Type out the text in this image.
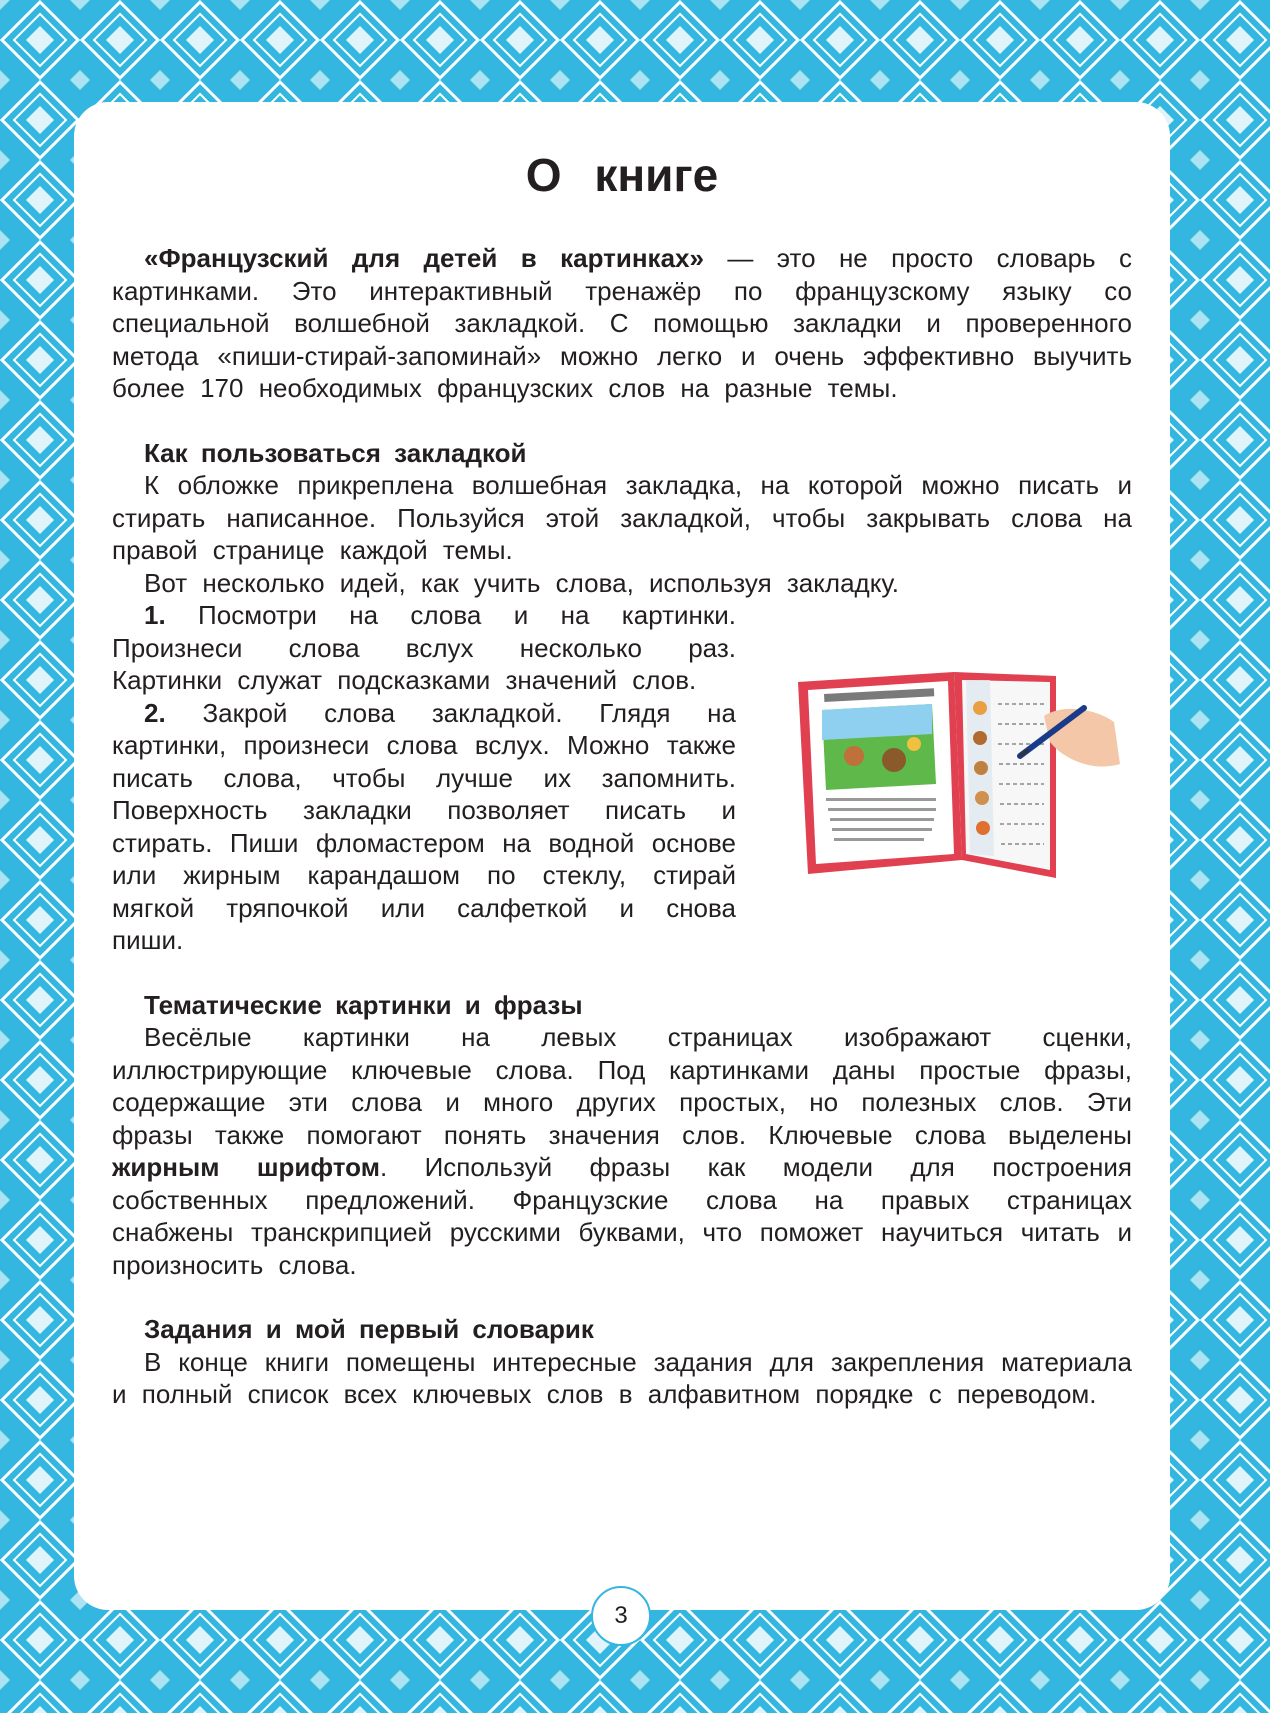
О книге

«Французский для детей в картинках» — это не просто словарь с картинками. Это интерактивный тренажёр по французскому языку со специальной волшебной закладкой. С помощью закладки и проверенного метода «пиши-стирай-запоминай» можно легко и очень эффективно выучить более 170 необходимых французских слов на разные темы.

Как пользоваться закладкой

К обложке прикреплена волшебная закладка, на которой можно писать и стирать написанное. Пользуйся этой закладкой, чтобы закрывать слова на правой странице каждой темы.

Вот несколько идей, как учить слова, используя закладку.

1. Посмотри на слова и на картинки. Произнеси слова вслух несколько раз. Картинки служат подсказками значений слов.

2. Закрой слова закладкой. Глядя на картинки, произнеси слова вслух. Можно также писать слова, чтобы лучше их запомнить. Поверхность закладки позволяет писать и стирать. Пиши фломастером на водной основе или жирным карандашом по стеклу, стирай мягкой тряпочкой или салфеткой и снова пиши.

Тематические картинки и фразы

Весёлые картинки на левых страницах изображают сценки, иллюстрирующие ключевые слова. Под картинками даны простые фразы, содержащие эти слова и много других простых, но полезных слов. Эти фразы также помогают понять значения слов. Ключевые слова выделены жирным шрифтом. Используй фразы как модели для построения собственных предложений. Французские слова на правых страницах снабжены транскрипцией русскими буквами, что поможет научиться читать и произносить слова.

Задания и мой первый словарик

В конце книги помещены интересные задания для закрепления материала и полный список всех ключевых слов в алфавитном порядке с переводом.

3
